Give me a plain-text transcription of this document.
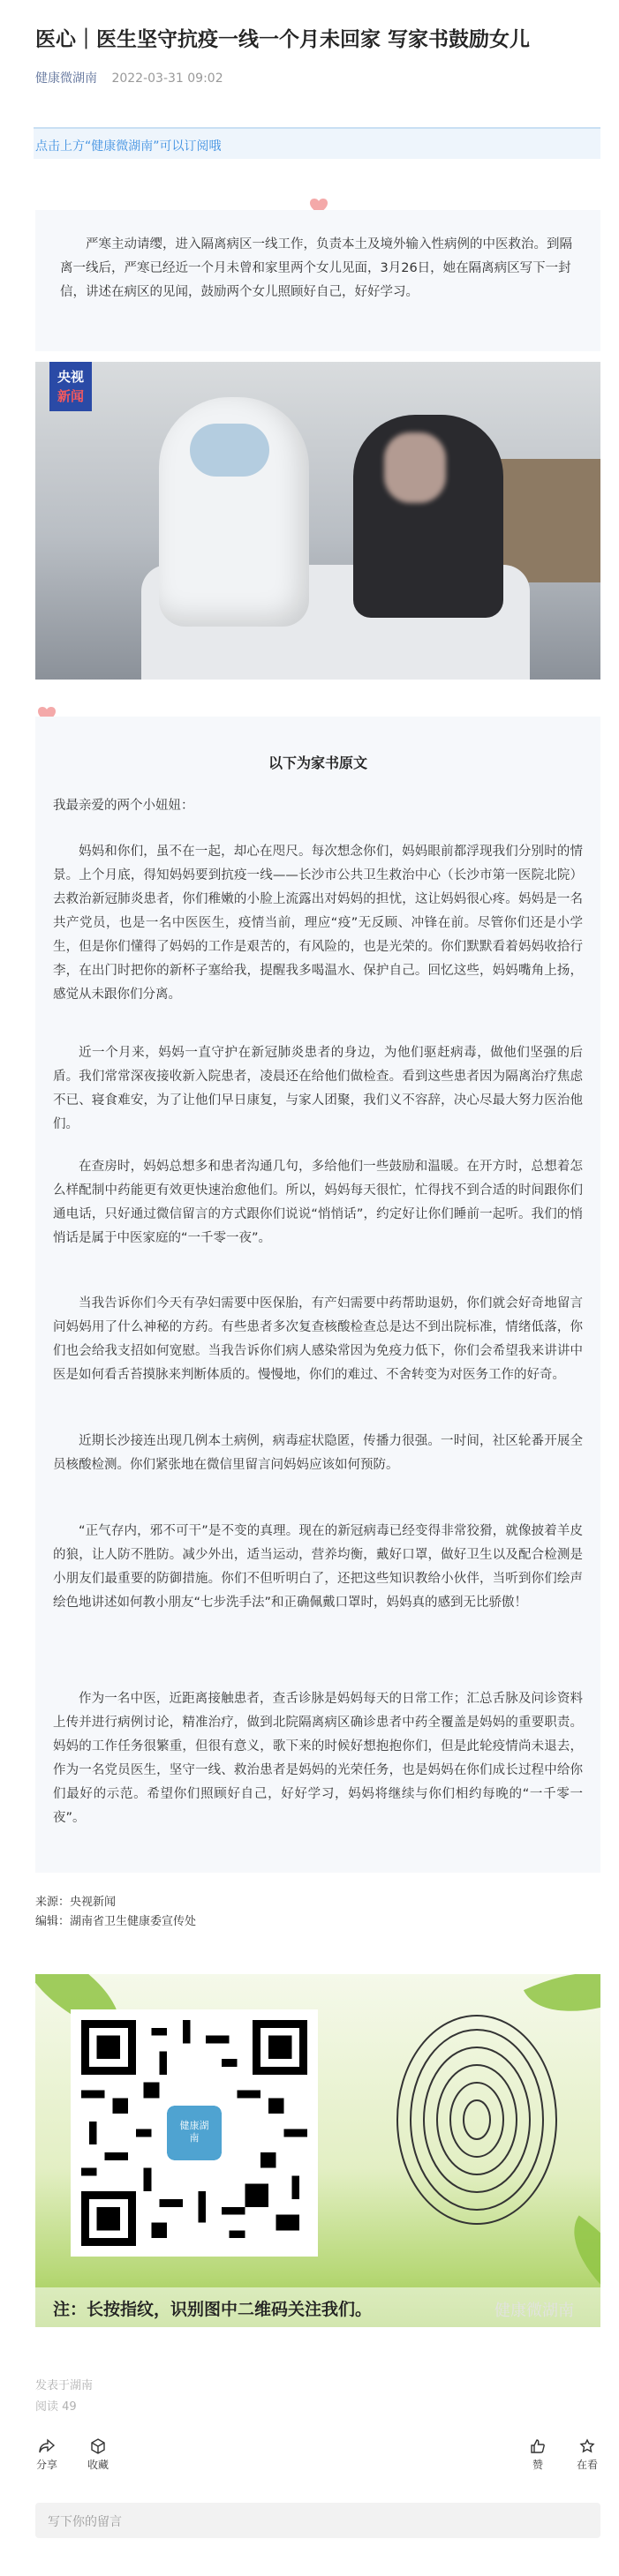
医心｜医生坚守抗疫一线一个月未回家 写家书鼓励女儿
健康微湖南 2022-03-31 09:02
点击上方“健康微湖南”可以订阅哦

严寒主动请缨，进入隔离病区一线工作，负责本土及境外输入性病例的中医救治。到隔离一线后，严寒已经近一个月未曾和家里两个女儿见面，3月26日，她在隔离病区写下一封信，讲述在病区的见闻，鼓励两个女儿照顾好自己，好好学习。

央视
新闻
以下为家书原文
我最亲爱的两个小妞妞：
妈妈和你们，虽不在一起，却心在咫尺。每次想念你们，妈妈眼前都浮现我们分别时的情景。上个月底，得知妈妈要到抗疫一线——长沙市公共卫生救治中心（长沙市第一医院北院）去救治新冠肺炎患者，你们稚嫩的小脸上流露出对妈妈的担忧，这让妈妈很心疼。妈妈是一名共产党员，也是一名中医医生，疫情当前，理应“疫”无反顾、冲锋在前。尽管你们还是小学生，但是你们懂得了妈妈的工作是艰苦的，有风险的，也是光荣的。你们默默看着妈妈收拾行李，在出门时把你的新杯子塞给我，提醒我多喝温水、保护自己。回忆这些，妈妈嘴角上扬，感觉从未跟你们分离。
近一个月来，妈妈一直守护在新冠肺炎患者的身边，为他们驱赶病毒，做他们坚强的后盾。我们常常深夜接收新入院患者，凌晨还在给他们做检查。看到这些患者因为隔离治疗焦虑不已、寝食难安，为了让他们早日康复，与家人团聚，我们义不容辞，决心尽最大努力医治他们。
在查房时，妈妈总想多和患者沟通几句，多给他们一些鼓励和温暖。在开方时，总想着怎么样配制中药能更有效更快速治愈他们。所以，妈妈每天很忙，忙得找不到合适的时间跟你们通电话，只好通过微信留言的方式跟你们说说“悄悄话”，约定好让你们睡前一起听。我们的悄悄话是属于中医家庭的“一千零一夜”。
当我告诉你们今天有孕妇需要中医保胎，有产妇需要中药帮助退奶，你们就会好奇地留言问妈妈用了什么神秘的方药。有些患者多次复查核酸检查总是达不到出院标准，情绪低落，你们也会给我支招如何宽慰。当我告诉你们病人感染常因为免疫力低下，你们会希望我来讲讲中医是如何看舌苔摸脉来判断体质的。慢慢地，你们的难过、不舍转变为对医务工作的好奇。
近期长沙接连出现几例本土病例，病毒症状隐匿，传播力很强。一时间，社区轮番开展全员核酸检测。你们紧张地在微信里留言问妈妈应该如何预防。
“正气存内，邪不可干”是不变的真理。现在的新冠病毒已经变得非常狡猾，就像披着羊皮的狼，让人防不胜防。减少外出，适当运动，营养均衡，戴好口罩，做好卫生以及配合检测是小朋友们最重要的防御措施。你们不但听明白了，还把这些知识教给小伙伴，当听到你们绘声绘色地讲述如何教小朋友“七步洗手法”和正确佩戴口罩时，妈妈真的感到无比骄傲！
作为一名中医，近距离接触患者，查舌诊脉是妈妈每天的日常工作；汇总舌脉及问诊资料上传并进行病例讨论，精准治疗，做到北院隔离病区确诊患者中药全覆盖是妈妈的重要职责。妈妈的工作任务很繁重，但很有意义，歌下来的时候好想抱抱你们，但是此轮疫情尚未退去，作为一名党员医生，坚守一线、救治患者是妈妈的光荣任务，也是妈妈在你们成长过程中给你们最好的示范。希望你们照顾好自己，好好学习，妈妈将继续与你们相约每晚的“一千零一夜”。
来源：央视新闻
编辑：湖南省卫生健康委宣传处
健康湖南
注：长按指纹，识别图中二维码关注我们。	健康微湖南
发表于湖南
阅读 49
分享	收藏	赞	在看
写下你的留言
